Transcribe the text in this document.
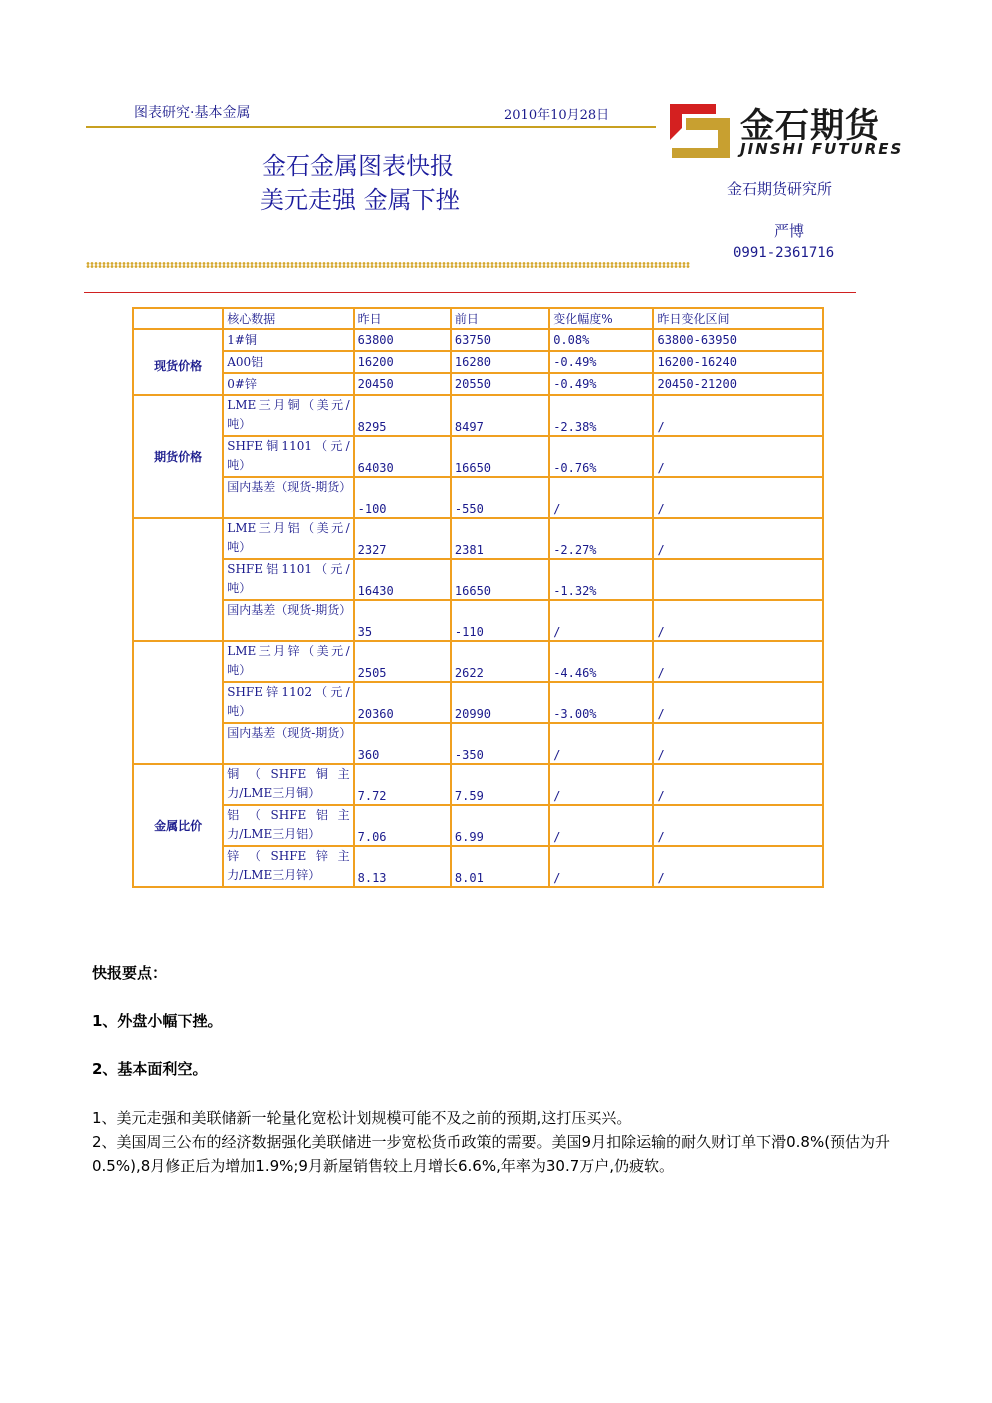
图表研究·基本金属	2010年10月28日	金石期货
JINSHI FUTURES
金石金属图表快报
美元走强 金属下挫	金石期货研究所
严博
0991-2361716
	核心数据	昨日	前日	变化幅度%	昨日变化区间
现货价格	1#铜	63800	63750	0.08%	63800-63950
	A00铝	16200	16280	-0.49%	16200-16240
	0#锌	20450	20550	-0.49%	20450-21200
期货价格	LME三月铜（美元/吨）	8295	8497	-2.38%	/
	SHFE铜1101（元/吨）	64030	16650	-0.76%	/
	国内基差（现货-期货）	-100	-550	/	/
	LME三月铝（美元/吨）	2327	2381	-2.27%	/
	SHFE铝1101（元/吨）	16430	16650	-1.32%	
	国内基差（现货-期货）	35	-110	/	/
	LME三月锌（美元/吨）	2505	2622	-4.46%	/
	SHFE锌1102（元/吨）	20360	20990	-3.00%	/
	国内基差（现货-期货）	360	-350	/	/
金属比价	铜（SHFE铜主力/LME三月铜）	7.72	7.59	/	/
	铝（SHFE铝主力/LME三月铝）	7.06	6.99	/	/
	锌（SHFE锌主力/LME三月锌）	8.13	8.01	/	/
快报要点：
1、外盘小幅下挫。
2、基本面利空。

1、美元走强和美联储新一轮量化宽松计划规模可能不及之前的预期,这打压买兴。

2、美国周三公布的经济数据强化美联储进一步宽松货币政策的需要。美国9月扣除运输的耐久财订单下滑0.8%(预估为升0.5%),8月修正后为增加1.9%;9月新屋销售较上月增长6.6%,年率为30.7万户,仍疲软。
